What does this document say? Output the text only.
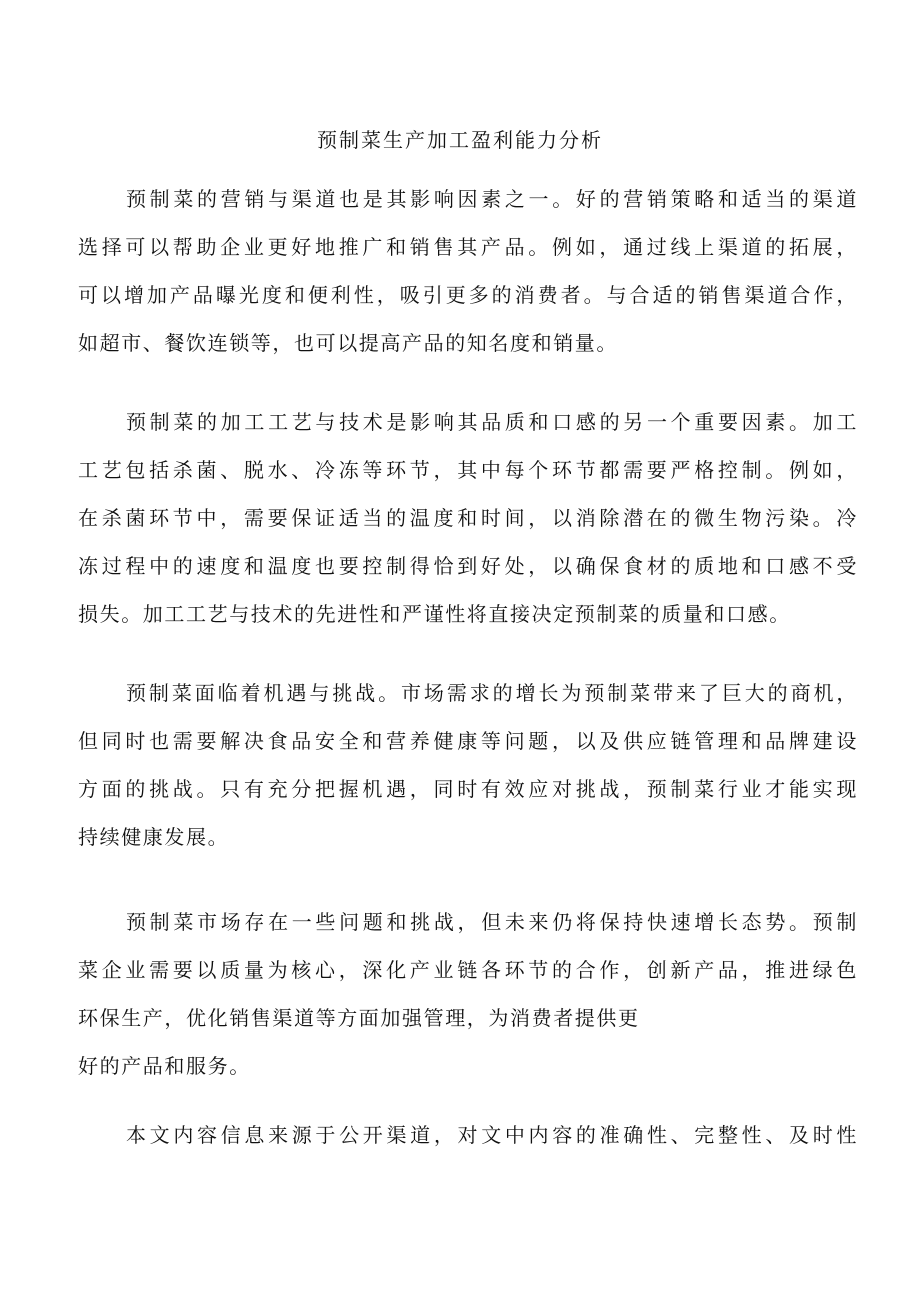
预制菜生产加工盈利能力分析
预制菜的营销与渠道也是其影响因素之一。好的营销策略和适当的渠道
选择可以帮助企业更好地推广和销售其产品。例如，通过线上渠道的拓展，
可以增加产品曝光度和便利性，吸引更多的消费者。与合适的销售渠道合作，
如超市、餐饮连锁等，也可以提高产品的知名度和销量。
预制菜的加工工艺与技术是影响其品质和口感的另一个重要因素。加工
工艺包括杀菌、脱水、冷冻等环节，其中每个环节都需要严格控制。例如，
在杀菌环节中，需要保证适当的温度和时间，以消除潜在的微生物污染。冷
冻过程中的速度和温度也要控制得恰到好处，以确保食材的质地和口感不受
损失。加工工艺与技术的先进性和严谨性将直接决定预制菜的质量和口感。
预制菜面临着机遇与挑战。市场需求的增长为预制菜带来了巨大的商机，
但同时也需要解决食品安全和营养健康等问题，以及供应链管理和品牌建设
方面的挑战。只有充分把握机遇，同时有效应对挑战，预制菜行业才能实现
持续健康发展。
预制菜市场存在一些问题和挑战，但未来仍将保持快速增长态势。预制
菜企业需要以质量为核心，深化产业链各环节的合作，创新产品，推进绿色
环保生产，优化销售渠道等方面加强管理，为消费者提供更
好的产品和服务。
本文内容信息来源于公开渠道，对文中内容的准确性、完整性、及时性
